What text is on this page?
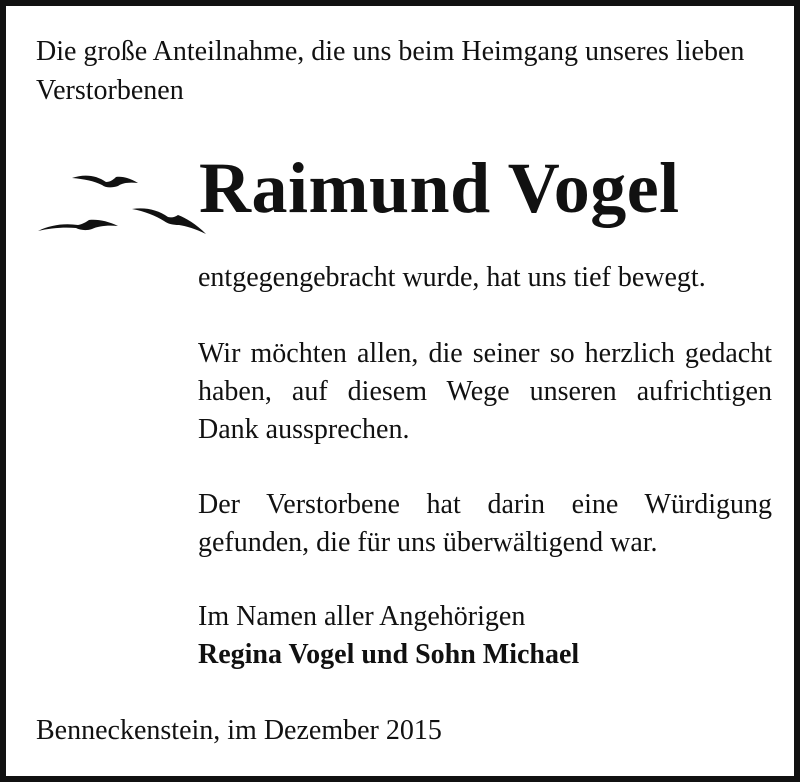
Die große Anteilnahme, die uns beim Heimgang unseres lieben Verstorbenen

Raimund Vogel

entgegengebracht wurde, hat uns tief bewegt.

Wir möchten allen, die seiner so herzlich gedacht haben, auf diesem Wege unseren aufrichtigen Dank aussprechen.

Der Verstorbene hat darin eine Würdigung gefunden, die für uns überwältigend war.

Im Namen aller Angehörigen
Regina Vogel und Sohn Michael

Benneckenstein, im Dezember 2015
